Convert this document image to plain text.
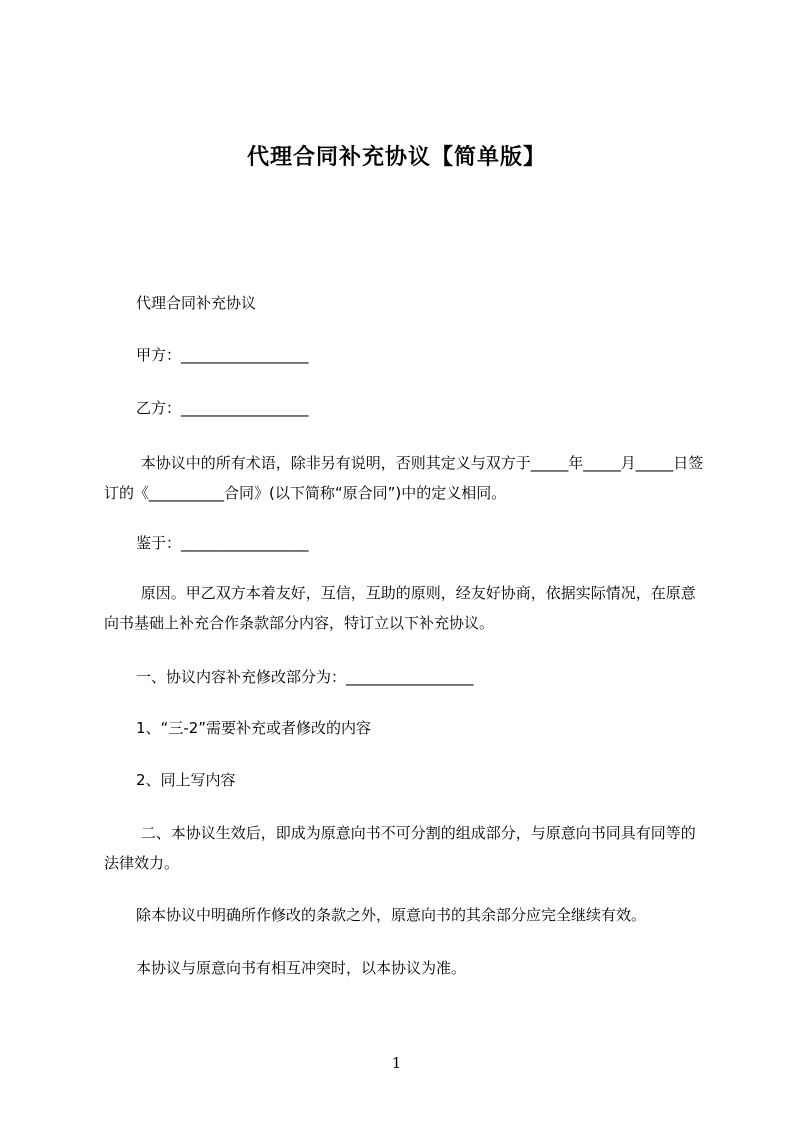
代理合同补充协议【简单版】
代理合同补充协议
甲方：_________________
乙方：_________________
本协议中的所有术语，除非另有说明，否则其定义与双方于_____年_____月_____日签订的《__________合同》(以下简称“原合同”)中的定义相同。
鉴于：_________________
原因。甲乙双方本着友好，互信，互助的原则，经友好协商，依据实际情况，在原意向书基础上补充合作条款部分内容，特订立以下补充协议。
一、协议内容补充修改部分为：_________________
1、“三-2”需要补充或者修改的内容
2、同上写内容
二、本协议生效后，即成为原意向书不可分割的组成部分，与原意向书同具有同等的法律效力。
除本协议中明确所作修改的条款之外，原意向书的其余部分应完全继续有效。
本协议与原意向书有相互冲突时，以本协议为准。
1
